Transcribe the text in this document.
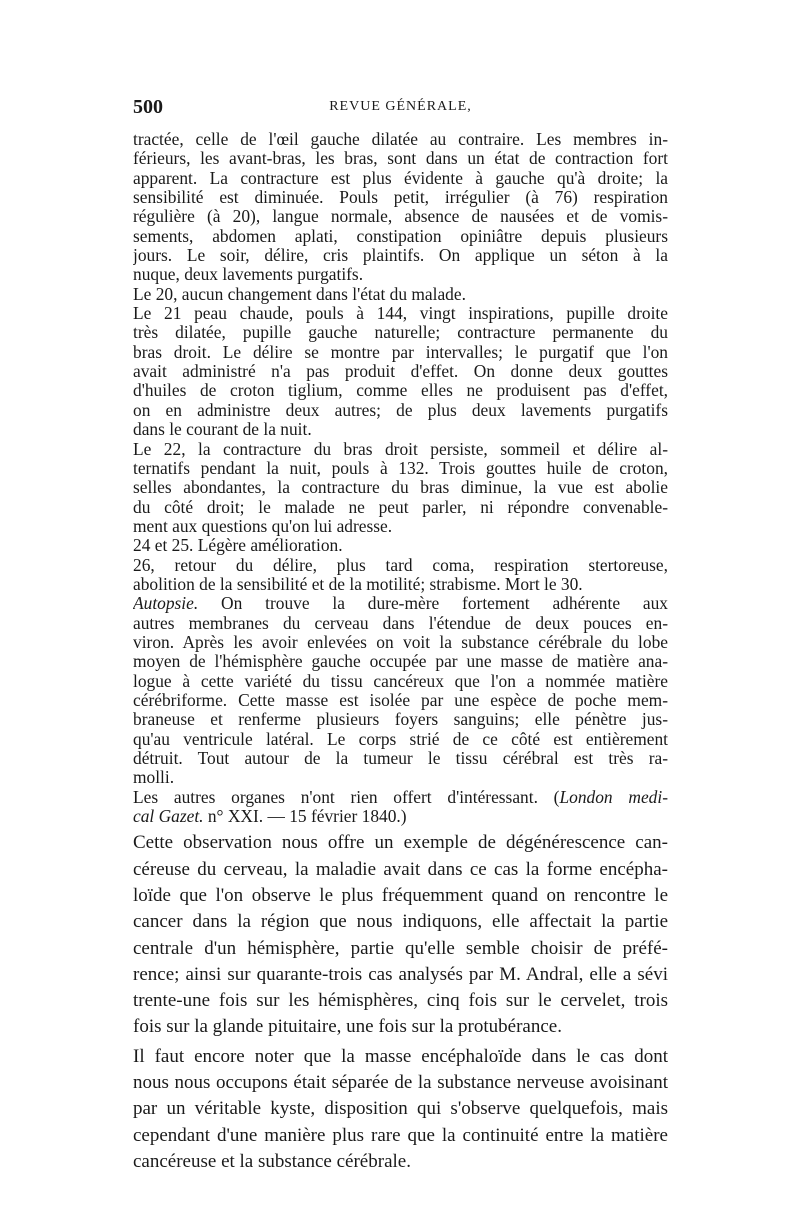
500	REVUE GÉNÉRALE,
tractée, celle de l'œil gauche dilatée au contraire. Les membres in-
férieurs, les avant-bras, les bras, sont dans un état de contraction fort
apparent. La contracture est plus évidente à gauche qu'à droite; la
sensibilité est diminuée. Pouls petit, irrégulier (à 76) respiration
régulière (à 20), langue normale, absence de nausées et de vomis-
sements, abdomen aplati, constipation opiniâtre depuis plusieurs
jours. Le soir, délire, cris plaintifs. On applique un séton à la
nuque, deux lavements purgatifs.
Le 20, aucun changement dans l'état du malade.
Le 21 peau chaude, pouls à 144, vingt inspirations, pupille droite
très dilatée, pupille gauche naturelle; contracture permanente du
bras droit. Le délire se montre par intervalles; le purgatif que l'on
avait administré n'a pas produit d'effet. On donne deux gouttes
d'huiles de croton tiglium, comme elles ne produisent pas d'effet,
on en administre deux autres; de plus deux lavements purgatifs
dans le courant de la nuit.
Le 22, la contracture du bras droit persiste, sommeil et délire al-
ternatifs pendant la nuit, pouls à 132. Trois gouttes huile de croton,
selles abondantes, la contracture du bras diminue, la vue est abolie
du côté droit; le malade ne peut parler, ni répondre convenable-
ment aux questions qu'on lui adresse.
24 et 25. Légère amélioration.
26, retour du délire, plus tard coma, respiration stertoreuse,
abolition de la sensibilité et de la motilité; strabisme. Mort le 30.
Autopsie. On trouve la dure-mère fortement adhérente aux
autres membranes du cerveau dans l'étendue de deux pouces en-
viron. Après les avoir enlevées on voit la substance cérébrale du lobe
moyen de l'hémisphère gauche occupée par une masse de matière ana-
logue à cette variété du tissu cancéreux que l'on a nommée matière
cérébriforme. Cette masse est isolée par une espèce de poche mem-
braneuse et renferme plusieurs foyers sanguins; elle pénètre jus-
qu'au ventricule latéral. Le corps strié de ce côté est entièrement
détruit. Tout autour de la tumeur le tissu cérébral est très ra-
molli.
Les autres organes n'ont rien offert d'intéressant. (London medi-
cal Gazet. n° XXI. — 15 février 1840.)
Cette observation nous offre un exemple de dégénérescence can-
céreuse du cerveau, la maladie avait dans ce cas la forme encépha-
loïde que l'on observe le plus fréquemment quand on rencontre le
cancer dans la région que nous indiquons, elle affectait la partie
centrale d'un hémisphère, partie qu'elle semble choisir de préfé-
rence; ainsi sur quarante-trois cas analysés par M. Andral, elle a sévi
trente-une fois sur les hémisphères, cinq fois sur le cervelet, trois
fois sur la glande pituitaire, une fois sur la protubérance.
Il faut encore noter que la masse encéphaloïde dans le cas dont
nous nous occupons était séparée de la substance nerveuse avoisinant
par un véritable kyste, disposition qui s'observe quelquefois, mais
cependant d'une manière plus rare que la continuité entre la matière
cancéreuse et la substance cérébrale.
